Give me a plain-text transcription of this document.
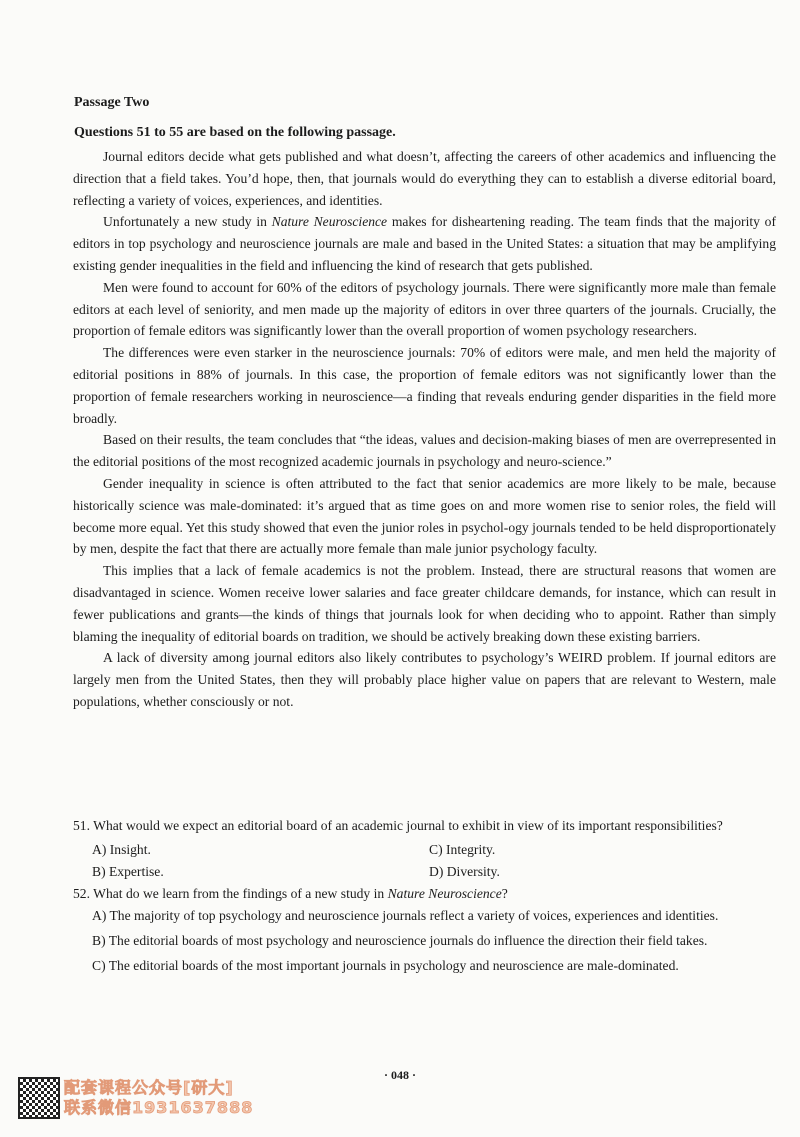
Passage Two
Questions 51 to 55 are based on the following passage.

Journal editors decide what gets published and what doesn’t, affecting the careers of other academics and influencing the direction that a field takes. You’d hope, then, that journals would do everything they can to establish a diverse editorial board, reflecting a variety of voices, experiences, and identities.

Unfortunately a new study in Nature Neuroscience makes for disheartening reading. The team finds that the majority of editors in top psychology and neuroscience journals are male and based in the United States: a situation that may be amplifying existing gender inequalities in the field and influencing the kind of research that gets published.

Men were found to account for 60% of the editors of psychology journals. There were significantly more male than female editors at each level of seniority, and men made up the majority of editors in over three quarters of the journals. Crucially, the proportion of female editors was significantly lower than the overall proportion of women psychology researchers.

The differences were even starker in the neuroscience journals: 70% of editors were male, and men held the majority of editorial positions in 88% of journals. In this case, the proportion of female editors was not significantly lower than the proportion of female researchers working in neuroscience—a finding that reveals enduring gender disparities in the field more broadly.

Based on their results, the team concludes that “the ideas, values and decision-making biases of men are overrepresented in the editorial positions of the most recognized academic journals in psychology and neuro-science.”

Gender inequality in science is often attributed to the fact that senior academics are more likely to be male, because historically science was male-dominated: it’s argued that as time goes on and more women rise to senior roles, the field will become more equal. Yet this study showed that even the junior roles in psychol-ogy journals tended to be held disproportionately by men, despite the fact that there are actually more female than male junior psychology faculty.

This implies that a lack of female academics is not the problem. Instead, there are structural reasons that women are disadvantaged in science. Women receive lower salaries and face greater childcare demands, for instance, which can result in fewer publications and grants—the kinds of things that journals look for when deciding who to appoint. Rather than simply blaming the inequality of editorial boards on tradition, we should be actively breaking down these existing barriers.

A lack of diversity among journal editors also likely contributes to psychology’s WEIRD problem. If journal editors are largely men from the United States, then they will probably place higher value on papers that are relevant to Western, male populations, whether consciously or not.

51. What would we expect an editorial board of an academic journal to exhibit in view of its important responsibilities?
A) Insight.	C) Integrity.
B) Expertise.	D) Diversity.
52. What do we learn from the findings of a new study in Nature Neuroscience?
A) The majority of top psychology and neuroscience journals reflect a variety of voices, experiences and identities.
B) The editorial boards of most psychology and neuroscience journals do influence the direction their field takes.
C) The editorial boards of the most important journals in psychology and neuroscience are male-dominated.
· 048 ·
配套课程公众号[研大]
联系微信1931637888
